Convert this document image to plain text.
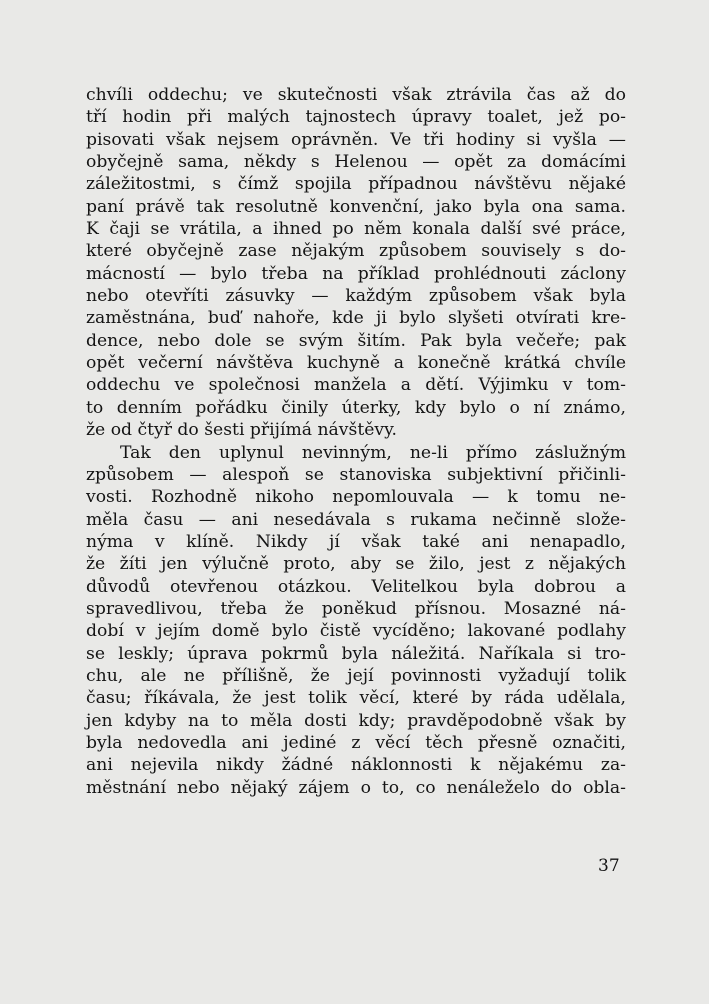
chvíli oddechu; ve skutečnosti však ztrávila čas až do
tří hodin při malých tajnostech úpravy toalet, jež po-
pisovati však nejsem oprávněn. Ve tři hodiny si vyšla —
obyčejně sama, někdy s Helenou — opět za domácími
záležitostmi, s čímž spojila případnou návštěvu nějaké
paní právě tak resolutně konvenční, jako byla ona sama.
K čaji se vrátila, a ihned po něm konala další své práce,
které obyčejně zase nějakým způsobem souvisely s do-
mácností — bylo třeba na příklad prohlédnouti záclony
nebo otevříti zásuvky — každým způsobem však byla
zaměstnána, buď nahoře, kde ji bylo slyšeti otvírati kre-
dence, nebo dole se svým šitím. Pak byla večeře; pak
opět večerní návštěva kuchyně a konečně krátká chvíle
oddechu ve společnosi manžela a dětí. Výjimku v tom-
to denním pořádku činily úterky, kdy bylo o ní známo,
že od čtyř do šesti přijímá návštěvy.
Tak den uplynul nevinným, ne-li přímo záslužným
způsobem — alespoň se stanoviska subjektivní přičinli-
vosti. Rozhodně nikoho nepomlouvala — k tomu ne-
měla času — ani nesedávala s rukama nečinně slože-
nýma v klíně. Nikdy jí však také ani nenapadlo,
že žíti jen výlučně proto, aby se žilo, jest z nějakých
důvodů otevřenou otázkou. Velitelkou byla dobrou a
spravedlivou, třeba že poněkud přísnou. Mosazné ná-
dobí v jejím domě bylo čistě vycíděno; lakované podlahy
se leskly; úprava pokrmů byla náležitá. Naříkala si tro-
chu, ale ne přílišně, že její povinnosti vyžadují tolik
času; říkávala, že jest tolik věcí, které by ráda udělala,
jen kdyby na to měla dosti kdy; pravděpodobně však by
byla nedovedla ani jediné z věcí těch přesně označiti,
ani nejevila nikdy žádné náklonnosti k nějakému za-
městnání nebo nějaký zájem o to, co nenáleželo do obla-
37
